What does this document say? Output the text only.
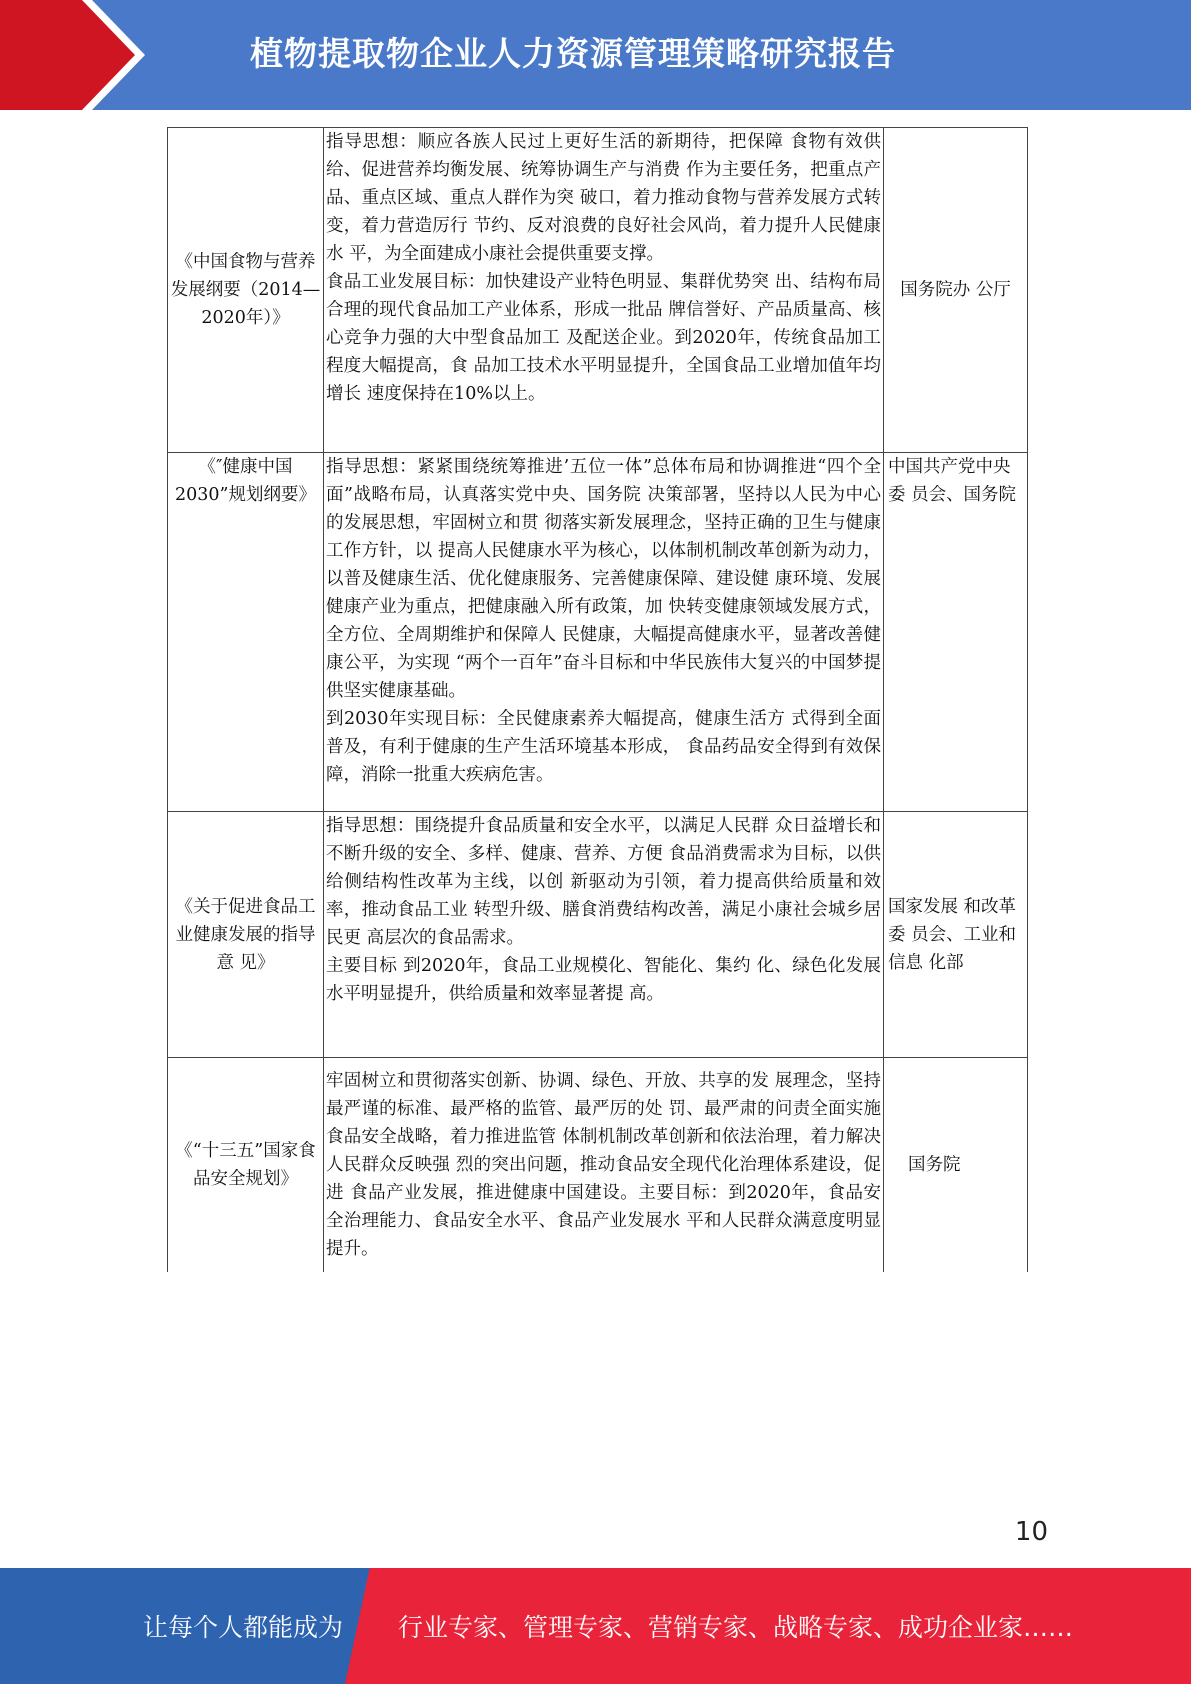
植物提取物企业人力资源管理策略研究报告
《中国食物与营养发展纲要（2014—2020年）》	指导思想：顺应各族人民过上更好生活的新期待，把保障 食物有效供给、促进营养均衡发展、统筹协调生产与消费 作为主要任务，把重点产品、重点区域、重点人群作为突 破口，着力推动食物与营养发展方式转变，着力营造厉行 节约、反对浪费的良好社会风尚，着力提升人民健康水 平，为全面建成小康社会提供重要支撑。
食品工业发展目标：加快建设产业特色明显、集群优势突 出、结构布局合理的现代食品加工产业体系，形成一批品 牌信誉好、产品质量高、核心竞争力强的大中型食品加工 及配送企业。到2020年，传统食品加工程度大幅提高，食 品加工技术水平明显提升，全国食品工业增加值年均增长 速度保持在10%以上。	国务院办 公厅

《″健康中国2030”规划纲要》	指导思想：紧紧围绕统筹推进’五位一体”总体布局和协调推进“四个全面”战略布局，认真落实党中央、国务院 决策部署，坚持以人民为中心的发展思想，牢固树立和贯 彻落实新发展理念，坚持正确的卫生与健康工作方针，以 提高人民健康水平为核心，以体制机制改革创新为动力， 以普及健康生活、优化健康服务、完善健康保障、建设健 康环境、发展健康产业为重点，把健康融入所有政策，加 快转变健康领域发展方式，全方位、全周期维护和保障人 民健康，大幅提高健康水平，显著改善健康公平，为实现 “两个一百年”奋斗目标和中华民族伟大复兴的中国梦提 供坚实健康基础。
到2030年实现目标：全民健康素养大幅提高，健康生活方 式得到全面普及，有利于健康的生产生活环境基本形成， 食品药品安全得到有效保障，消除一批重大疾病危害。	中国共产党中央委 员会、国务院

《关于促进食品工业健康发展的指导意 见》	指导思想：围绕提升食品质量和安全水平，以满足人民群 众日益增长和不断升级的安全、多样、健康、营养、方便 食品消费需求为目标，以供给侧结构性改革为主线，以创 新驱动为引领，着力提高供给质量和效率，推动食品工业 转型升级、膳食消费结构改善，满足小康社会城乡居民更 高层次的食品需求。
主要目标 到2020年，食品工业规模化、智能化、集约 化、绿色化发展水平明显提升，供给质量和效率显著提 高。	国家发展 和改革委 员会、工业和信息 化部

《“十三五”国家食品安全规划》	牢固树立和贯彻落实创新、协调、绿色、开放、共享的发 展理念，坚持最严谨的标准、最严格的监管、最严厉的处 罚、最严肃的问责全面实施食品安全战略，着力推进监管 体制机制改革创新和依法治理，着力解决人民群众反映强 烈的突出问题，推动食品安全现代化治理体系建设，促进 食品产业发展，推进健康中国建设。主要目标：到2020年，食品安全治理能力、食品安全水平、食品产业发展水 平和人民群众满意度明显提升。	国务院
10
让每个人都能成为 行业专家、管理专家、营销专家、战略专家、成功企业家……
